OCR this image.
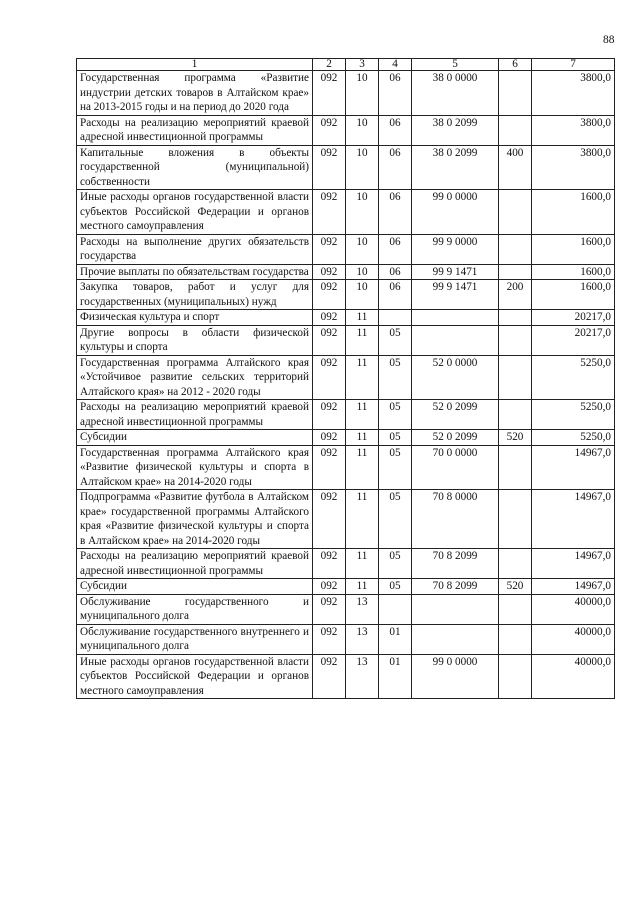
88
1	2	3	4	5	6	7
Государственная программа «Развитие индустрии детских товаров в Алтайском крае» на 2013-2015 годы и на период до 2020 года	092	10	06	38 0 0000		3800,0
Расходы на реализацию мероприятий краевой адресной инвестиционной программы	092	10	06	38 0 2099		3800,0
Капитальные вложения в объекты государственной (муниципальной) собственности	092	10	06	38 0 2099	400	3800,0
Иные расходы органов государственной власти субъектов Российской Федерации и органов местного самоуправления	092	10	06	99 0 0000		1600,0
Расходы на выполнение других обязательств государства	092	10	06	99 9 0000		1600,0
Прочие выплаты по обязательствам государства	092	10	06	99 9 1471		1600,0
Закупка товаров, работ и услуг для государственных (муниципальных) нужд	092	10	06	99 9 1471	200	1600,0
Физическая культура и спорт	092	11				20217,0
Другие вопросы в области физической культуры и спорта	092	11	05			20217,0
Государственная программа Алтайского края «Устойчивое развитие сельских территорий Алтайского края» на 2012 - 2020 годы	092	11	05	52 0 0000		5250,0
Расходы на реализацию мероприятий краевой адресной инвестиционной программы	092	11	05	52 0 2099		5250,0
Субсидии	092	11	05	52 0 2099	520	5250,0
Государственная программа Алтайского края «Развитие физической культуры и спорта в Алтайском крае» на 2014-2020 годы	092	11	05	70 0 0000		14967,0
Подпрограмма «Развитие футбола в Алтайском крае» государственной программы Алтайского края «Развитие физической культуры и спорта в Алтайском крае» на 2014-2020 годы	092	11	05	70 8 0000		14967,0
Расходы на реализацию мероприятий краевой адресной инвестиционной программы	092	11	05	70 8 2099		14967,0
Субсидии	092	11	05	70 8 2099	520	14967,0
Обслуживание государственного и муниципального долга	092	13				40000,0
Обслуживание государственного внутреннего и муниципального долга	092	13	01			40000,0
Иные расходы органов государственной власти субъектов Российской Федерации и органов местного самоуправления	092	13	01	99 0 0000		40000,0
